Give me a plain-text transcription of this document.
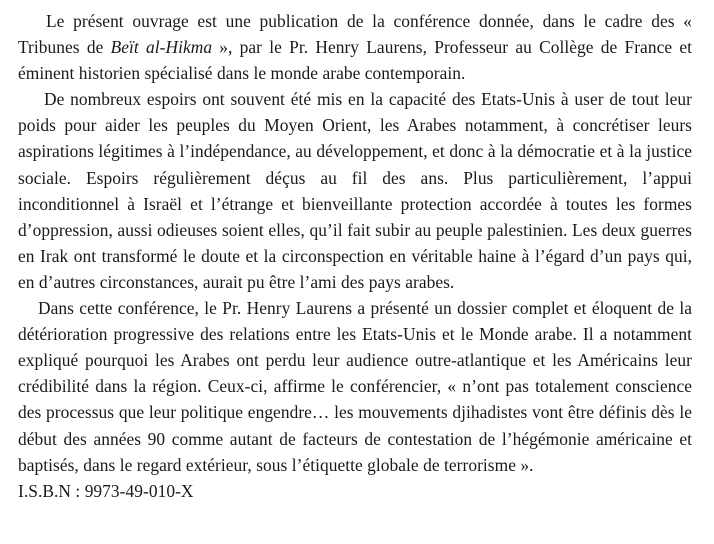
Le présent ouvrage est une publication de la conférence donnée, dans le cadre des « Tribunes de Beït al-Hikma », par le Pr. Henry Laurens, Professeur au Collège de France et éminent historien spécialisé dans le monde arabe contemporain.

De nombreux espoirs ont souvent été mis en la capacité des Etats-Unis à user de tout leur poids pour aider les peuples du Moyen Orient, les Arabes notamment, à concrétiser leurs aspirations légitimes à l’indépendance, au développement, et donc à la démocratie et à la justice sociale. Espoirs régulièrement déçus au fil des ans. Plus particulièrement, l’appui inconditionnel à Israël et l’étrange et bienveillante protection accordée à toutes les formes d’oppression, aussi odieuses soient elles, qu’il fait subir au peuple palestinien. Les deux guerres en Irak ont transformé le doute et la circonspection en véritable haine à l’égard d’un pays qui, en d’autres circonstances, aurait pu être l’ami des pays arabes.

Dans cette conférence, le Pr. Henry Laurens a présenté un dossier complet et éloquent de la détérioration progressive des relations entre les Etats-Unis et le Monde arabe. Il a notamment expliqué pourquoi les Arabes ont perdu leur audience outre-atlantique et les Américains leur crédibilité dans la région. Ceux-ci, affirme le conférencier, « n’ont pas totalement conscience des processus que leur politique engendre… les mouvements djihadistes vont être définis dès le début des années 90 comme autant de facteurs de contestation de l’hégémonie américaine et baptisés, dans le regard extérieur, sous l’étiquette globale de terrorisme ».

I.S.B.N : 9973-49-010-X
